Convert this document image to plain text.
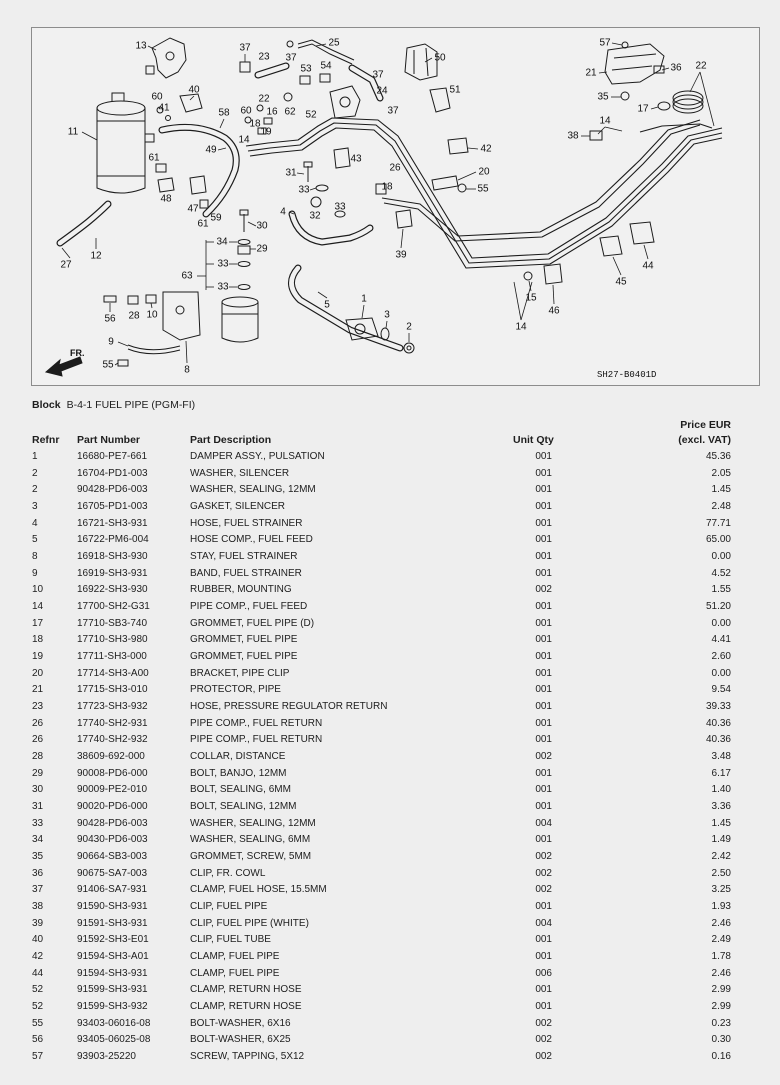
13	37
23 37
25
53 54
37
50
57
22
36
21
40
60
41
22
60 16 62 52
24
37
51
35
17
11
58
18
19
14
14
38
61
49	42
31
43
26
18
20
55
33
48
47
61
59
30
4	33
32
34
29
33
63
33
27
12	39
45
44
15
46
14
5
1
3
2
56 28 10
9
8
55
FR.
SH27-B0401D
Block B-4-1 FUEL PIPE (PGM-FI)
Price EUR
(excl. VAT)
Refnr Part Number	Part Description	Unit Qty
1	16680-PE7-661	DAMPER ASSY., PULSATION	001	45.36
2	16704-PD1-003	WASHER, SILENCER	001	2.05
2	90428-PD6-003	WASHER, SEALING, 12MM	001	1.45
3	16705-PD1-003	GASKET, SILENCER	001	2.48
4	16721-SH3-931	HOSE, FUEL STRAINER	001	77.71
5	16722-PM6-004	HOSE COMP., FUEL FEED	001	65.00
8	16918-SH3-930	STAY, FUEL STRAINER	001	0.00
9	16919-SH3-931	BAND, FUEL STRAINER	001	4.52
10	16922-SH3-930	RUBBER, MOUNTING	002	1.55
14	17700-SH2-G31	PIPE COMP., FUEL FEED	001	51.20
17	17710-SB3-740	GROMMET, FUEL PIPE (D)	001	0.00
18	17710-SH3-980	GROMMET, FUEL PIPE	001	4.41
19	17711-SH3-000	GROMMET, FUEL PIPE	001	2.60
20	17714-SH3-A00	BRACKET, PIPE CLIP	001	0.00
21	17715-SH3-010	PROTECTOR, PIPE	001	9.54
23	17723-SH3-932	HOSE, PRESSURE REGULATOR RETURN	001	39.33
26	17740-SH2-931	PIPE COMP., FUEL RETURN	001	40.36
26	17740-SH2-932	PIPE COMP., FUEL RETURN	001	40.36
28	38609-692-000	COLLAR, DISTANCE	002	3.48
29	90008-PD6-000	BOLT, BANJO, 12MM	001	6.17
30	90009-PE2-010	BOLT, SEALING, 6MM	001	1.40
31	90020-PD6-000	BOLT, SEALING, 12MM	001	3.36
33	90428-PD6-003	WASHER, SEALING, 12MM	004	1.45
34	90430-PD6-003	WASHER, SEALING, 6MM	001	1.49
35	90664-SB3-003	GROMMET, SCREW, 5MM	002	2.42
36	90675-SA7-003	CLIP, FR. COWL	002	2.50
37	91406-SA7-931	CLAMP, FUEL HOSE, 15.5MM	002	3.25
38	91590-SH3-931	CLIP, FUEL PIPE	001	1.93
39	91591-SH3-931	CLIP, FUEL PIPE (WHITE)	004	2.46
40	91592-SH3-E01	CLIP, FUEL TUBE	001	2.49
42	91594-SH3-A01	CLAMP, FUEL PIPE	001	1.78
44	91594-SH3-931	CLAMP, FUEL PIPE	006	2.46
52	91599-SH3-931	CLAMP, RETURN HOSE	001	2.99
52	91599-SH3-932	CLAMP, RETURN HOSE	001	2.99
55	93403-06016-08	BOLT-WASHER, 6X16	002	0.23
56	93405-06025-08	BOLT-WASHER, 6X25	002	0.30
57	93903-25220	SCREW, TAPPING, 5X12	002	0.16
